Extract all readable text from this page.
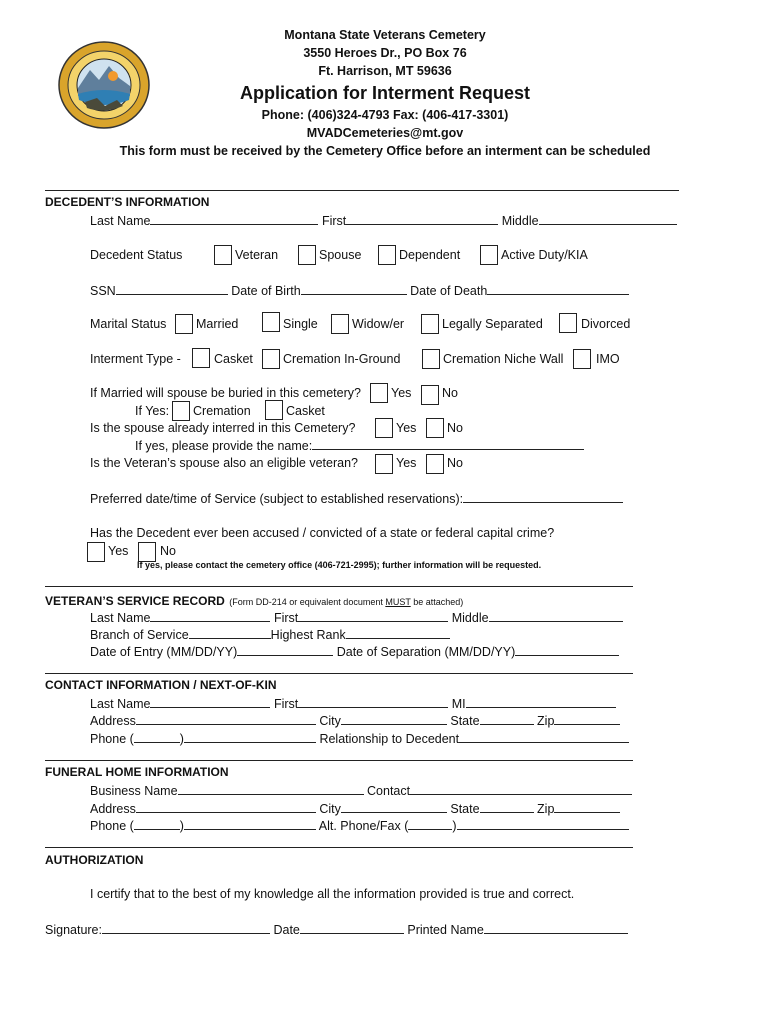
Montana State Veterans Cemetery
3550 Heroes Dr., PO Box 76
Ft. Harrison, MT 59636
Application for Interment Request
Phone: (406)324-4793 Fax: (406-417-3301)
MVADCemeteries@mt.gov
This form must be received by the Cemetery Office before an interment can be scheduled
DECEDENT’S INFORMATION
Last Name	First	Middle
Decedent Status	Veteran	Spouse	Dependent	Active Duty/KIA
SSN	Date of Birth	Date of Death
Marital Status Married	Single	Widow/er	Legally Separated	Divorced
Interment Type -	Casket Cremation In-Ground	Cremation Niche Wall	IMO
If Married will spouse be buried in this cemetery? Yes No
If Yes: Cremation	Casket
Is the spouse already interred in this Cemetery?	Yes No
If yes, please provide the name:
Is the Veteran’s spouse also an eligible veteran?	Yes No
Preferred date/time of Service (subject to established reservations):
Has the Decedent ever been accused / convicted of a state or federal capital crime?
Yes	No
If yes, please contact the cemetery office (406-721-2995); further information will be requested.
VETERAN’S SERVICE RECORD (Form DD-214 or equivalent document MUST be attached)
Last Name	First	Middle
Branch of Service	Highest Rank
Date of Entry (MM/DD/YY)	Date of Separation (MM/DD/YY)
CONTACT INFORMATION / NEXT-OF-KIN
Last Name	First	MI
Address	City	State	Zip
Phone (	)	Relationship to Decedent
FUNERAL HOME INFORMATION
Business Name	Contact
Address	City	State	Zip
Phone (	)	Alt. Phone/Fax (	)
AUTHORIZATION
I certify that to the best of my knowledge all the information provided is true and correct.
Signature:	Date	Printed Name
